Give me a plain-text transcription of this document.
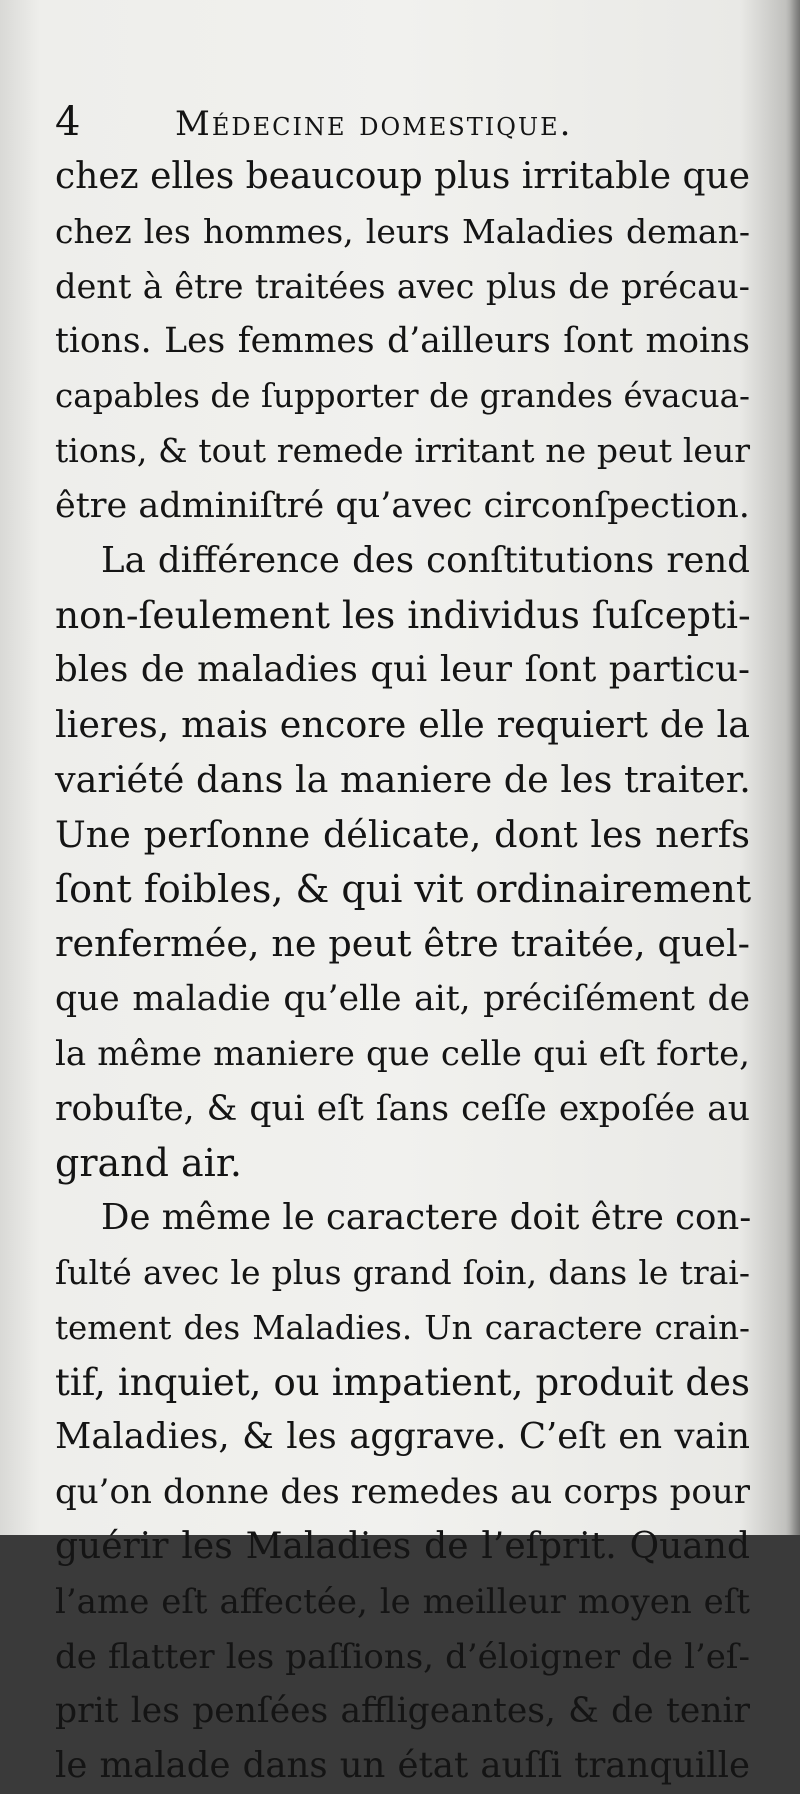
4	Médecine domestique.
chez elles beaucoup plus irritable que
chez les hommes, leurs Maladies deman-
dent à être traitées avec plus de précau-
tions. Les femmes d’ailleurs ſont moins
capables de ſupporter de grandes évacua-
tions, & tout remede irritant ne peut leur
être adminiſtré qu’avec circonſpection.
La différence des conſtitutions rend
non-ſeulement les individus ſuſcepti-
bles de maladies qui leur ſont particu-
lieres, mais encore elle requiert de la
variété dans la maniere de les traiter.
Une perſonne délicate, dont les nerfs
ſont foibles, & qui vit ordinairement
renfermée, ne peut être traitée, quel-
que maladie qu’elle ait, préciſément de
la même maniere que celle qui eſt forte,
robuſte, & qui eſt ſans ceſſe expoſée au
grand air.
De même le caractere doit être con-
ſulté avec le plus grand ſoin, dans le trai-
tement des Maladies. Un caractere crain-
tif, inquiet, ou impatient, produit des
Maladies, & les aggrave. C’eſt en vain
qu’on donne des remedes au corps pour
guérir les Maladies de l’eſprit. Quand
l’ame eſt affectée, le meilleur moyen eſt
de flatter les paſſions, d’éloigner de l’eſ-
prit les penſées affligeantes, & de tenir
le malade dans un état auſſi tranquille
